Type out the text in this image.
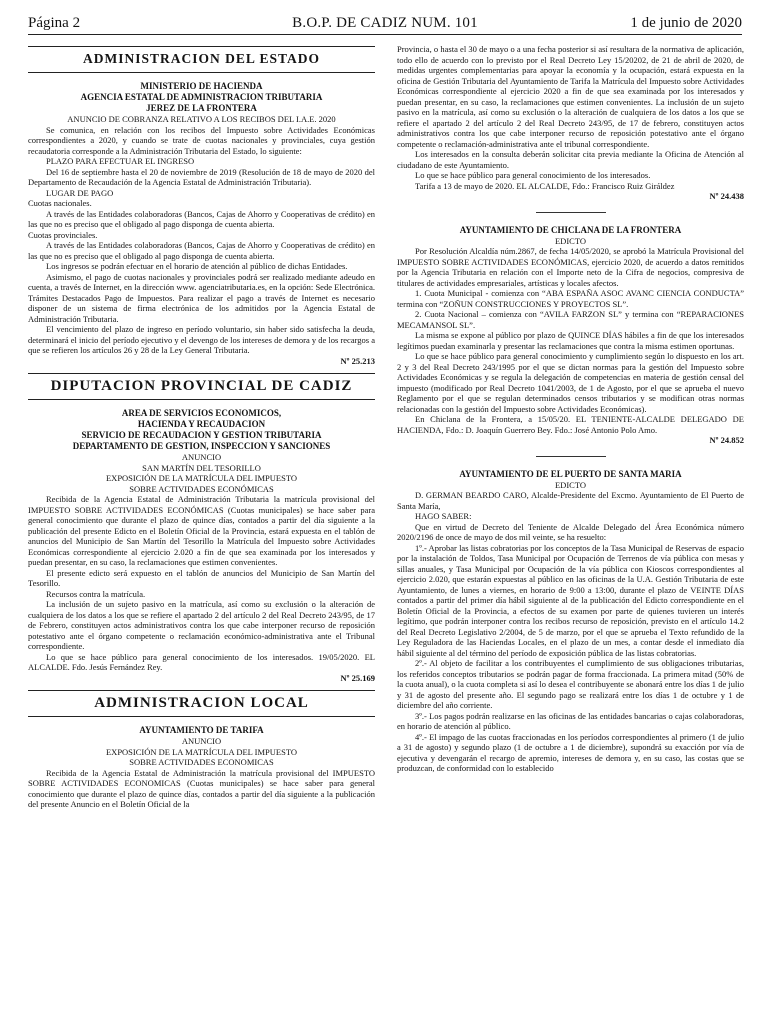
Página 2	B.O.P. DE CADIZ NUM. 101	1 de junio de 2020
ADMINISTRACION DEL ESTADO
MINISTERIO DE HACIENDA
AGENCIA ESTATAL DE ADMINISTRACION TRIBUTARIA
JEREZ DE LA FRONTERA
ANUNCIO DE COBRANZA RELATIVO A LOS RECIBOS DEL I.A.E. 2020

Se comunica, en relación con los recibos del Impuesto sobre Actividades Económicas correspondientes a 2020, y cuando se trate de cuotas nacionales y provinciales, cuya gestión recaudatoria corresponde a la Administración Tributaria del Estado, lo siguiente:

PLAZO PARA EFECTUAR EL INGRESO

Del 16 de septiembre hasta el 20 de noviembre de 2019 (Resolución de 18 de mayo de 2020 del Departamento de Recaudación de la Agencia Estatal de Administración Tributaria).

LUGAR DE PAGO

Cuotas nacionales.

A través de las Entidades colaboradoras (Bancos, Cajas de Ahorro y Cooperativas de crédito) en las que no es preciso que el obligado al pago disponga de cuenta abierta.

Cuotas provinciales.

A través de las Entidades colaboradoras (Bancos, Cajas de Ahorro y Cooperativas de crédito) en las que no es preciso que el obligado al pago disponga de cuenta abierta.

Los ingresos se podrán efectuar en el horario de atención al público de dichas Entidades.

Asimismo, el pago de cuotas nacionales y provinciales podrá ser realizado mediante adeudo en cuenta, a través de Internet, en la dirección www. agenciatributaria.es, en la opción: Sede Electrónica. Trámites Destacados Pago de Impuestos. Para realizar el pago a través de Internet es necesario disponer de un sistema de firma electrónica de los admitidos por la Agencia Estatal de Administración Tributaria.

El vencimiento del plazo de ingreso en período voluntario, sin haber sido satisfecha la deuda, determinará el inicio del período ejecutivo y el devengo de los intereses de demora y de los recargos a que se refieren los artículos 26 y 28 de la Ley General Tributaria.

Nº 25.213
DIPUTACION PROVINCIAL DE CADIZ
AREA DE SERVICIOS ECONOMICOS,
HACIENDA Y RECAUDACION
SERVICIO DE RECAUDACION Y GESTION TRIBUTARIA
DEPARTAMENTO DE GESTION, INSPECCION Y SANCIONES
ANUNCIO
SAN MARTÍN DEL TESORILLO
EXPOSICIÓN DE LA MATRÍCULA DEL IMPUESTO
SOBRE ACTIVIDADES ECONÓMICAS

Recibida de la Agencia Estatal de Administración Tributaria la matrícula provisional del IMPUESTO SOBRE ACTIVIDADES ECONÓMICAS (Cuotas municipales) se hace saber para general conocimiento que durante el plazo de quince días, contados a partir del día siguiente a la publicación del presente Edicto en el Boletín Oficial de la Provincia, estará expuesta en el tablón de anuncios del Municipio de San Martín del Tesorillo la Matrícula del Impuesto sobre Actividades Económicas correspondiente al ejercicio 2.020 a fin de que sea examinada por los interesados y puedan presentar, en su caso, la reclamaciones que estimen convenientes.

El presente edicto será expuesto en el tablón de anuncios del Municipio de San Martín del Tesorillo.

Recursos contra la matrícula.

La inclusión de un sujeto pasivo en la matrícula, así como su exclusión o la alteración de cualquiera de los datos a los que se refiere el apartado 2 del artículo 2 del Real Decreto 243/95, de 17 de Febrero, constituyen actos administrativos contra los que cabe interponer recurso de reposición potestativo ante el órgano competente o reclamación económico-administrativa ante el Tribunal correspondiente.

Lo que se hace público para general conocimiento de los interesados. 19/05/2020. EL ALCALDE. Fdo. Jesús Fernández Rey.

Nº 25.169
ADMINISTRACION LOCAL
AYUNTAMIENTO DE TARIFA
ANUNCIO
EXPOSICIÓN DE LA MATRÍCULA DEL IMPUESTO
SOBRE ACTIVIDADES ECONOMICAS

Recibida de la Agencia Estatal de Administración la matrícula provisional del IMPUESTO SOBRE ACTIVIDADES ECONOMICAS (Cuotas municipales) se hace saber para general conocimiento que durante el plazo de quince días, contados a partir del día siguiente a la publicación del presente Anuncio en el Boletín Oficial de la

Provincia, o hasta el 30 de mayo o a una fecha posterior si así resultara de la normativa de aplicación, todo ello de acuerdo con lo previsto por el Real Decreto Ley 15/20202, de 21 de abril de 2020, de medidas urgentes complementarias para apoyar la economía y la ocupación, estará expuesta en la oficina de Gestión Tributaria del Ayuntamiento de Tarifa la Matrícula del Impuesto sobre Actividades Económicas correspondiente al ejercicio 2020 a fin de que sea examinada por los interesados y puedan presentar, en su caso, la reclamaciones que estimen convenientes. La inclusión de un sujeto pasivo en la matrícula, así como su exclusión o la alteración de cualquiera de los datos a los que se refiere el apartado 2 del artículo 2 del Real Decreto 243/95, de 17 de febrero, constituyen actos administrativos contra los que cabe interponer recurso de reposición potestativo ante el órgano competente o reclamación-administrativa ante el tribunal correspondiente.

Los interesados en la consulta deberán solicitar cita previa mediante la Oficina de Atención al ciudadano de este Ayuntamiento.

Lo que se hace público para general conocimiento de los interesados.

Tarifa a 13 de mayo de 2020. EL ALCALDE, Fdo.: Francisco Ruiz Giráldez

Nº 24.438
AYUNTAMIENTO DE CHICLANA DE LA FRONTERA
EDICTO

Por Resolución Alcaldía núm.2867, de fecha 14/05/2020, se aprobó la Matrícula Provisional del IMPUESTO SOBRE ACTIVIDADES ECONÓMICAS, ejercicio 2020, de acuerdo a datos remitidos por la Agencia Tributaria en relación con el Importe neto de la Cifra de negocios, compresiva de titulares de actividades empresariales, artísticas y locales afectos.

1. Cuota Municipal - comienza con “ABA ESPAÑA ASOC AVANC CIENCIA CONDUCTA” termina con “ZOÑUN CONSTRUCCIONES Y PROYECTOS SL”.

2. Cuota Nacional – comienza con “AVILA FARZON SL” y termina con “REPARACIONES MECAMANSOL SL”.

La misma se expone al público por plazo de QUINCE DÍAS hábiles a fin de que los interesados legítimos puedan examinarla y presentar las reclamaciones que contra la misma estimen oportunas.

Lo que se hace público para general conocimiento y cumplimiento según lo dispuesto en los art. 2 y 3 del Real Decreto 243/1995 por el que se dictan normas para la gestión del Impuesto sobre Actividades Económicas y se regula la delegación de competencias en materia de gestión censal del impuesto (modificado por Real Decreto 1041/2003, de 1 de Agosto, por el que se aprueba el nuevo Reglamento por el que se regulan determinados censos tributarios y se modifican otras normas relacionadas con la gestión del Impuesto sobre Actividades Económicas).

En Chiclana de la Frontera, a 15/05/20. EL TENIENTE-ALCALDE DELEGADO DE HACIENDA, Fdo.: D. Joaquín Guerrero Bey. Fdo.: José Antonio Polo Amo.

Nº 24.852
AYUNTAMIENTO DE EL PUERTO DE SANTA MARIA
EDICTO

D. GERMAN BEARDO CARO, Alcalde-Presidente del Excmo. Ayuntamiento de El Puerto de Santa María,

HAGO SABER:

Que en virtud de Decreto del Teniente de Alcalde Delegado del Área Económica número 2020/2196 de once de mayo de dos mil veinte, se ha resuelto:

1º.- Aprobar las listas cobratorias por los conceptos de la Tasa Municipal de Reservas de espacio por la instalación de Toldos, Tasa Municipal por Ocupación de Terrenos de vía pública con mesas y sillas anuales, y Tasa Municipal por Ocupación de la vía pública con Kioscos correspondientes al ejercicio 2.020, que estarán expuestas al público en las oficinas de la U.A. Gestión Tributaria de este Ayuntamiento, de lunes a viernes, en horario de 9:00 a 13:00, durante el plazo de VEINTE DÍAS contados a partir del primer día hábil siguiente al de la publicación del Edicto correspondiente en el Boletín Oficial de la Provincia, a efectos de su examen por parte de quienes tuvieren un interés legítimo, que podrán interponer contra los recibos recurso de reposición, previsto en el artículo 14.2 del Real Decreto Legislativo 2/2004, de 5 de marzo, por el que se aprueba el Texto refundido de la Ley Reguladora de las Haciendas Locales, en el plazo de un mes, a contar desde el inmediato día hábil siguiente al del término del período de exposición pública de las listas cobratorias.

2º.- Al objeto de facilitar a los contribuyentes el cumplimiento de sus obligaciones tributarias, los referidos conceptos tributarios se podrán pagar de forma fraccionada. La primera mitad (50% de la cuota anual), o la cuota completa si así lo desea el contribuyente se abonará entre los días 1 de julio y 31 de agosto del presente año. El segundo pago se realizará entre los días 1 de octubre y 1 de diciembre del año corriente.

3º.- Los pagos podrán realizarse en las oficinas de las entidades bancarias o cajas colaboradoras, en horario de atención al público.

4º.- El impago de las cuotas fraccionadas en los períodos correspondientes al primero (1 de julio a 31 de agosto) y segundo plazo (1 de octubre a 1 de diciembre), supondrá su exacción por vía de ejecutiva y devengarán el recargo de apremio, intereses de demora y, en su caso, las costas que se produzcan, de conformidad con lo establecido
